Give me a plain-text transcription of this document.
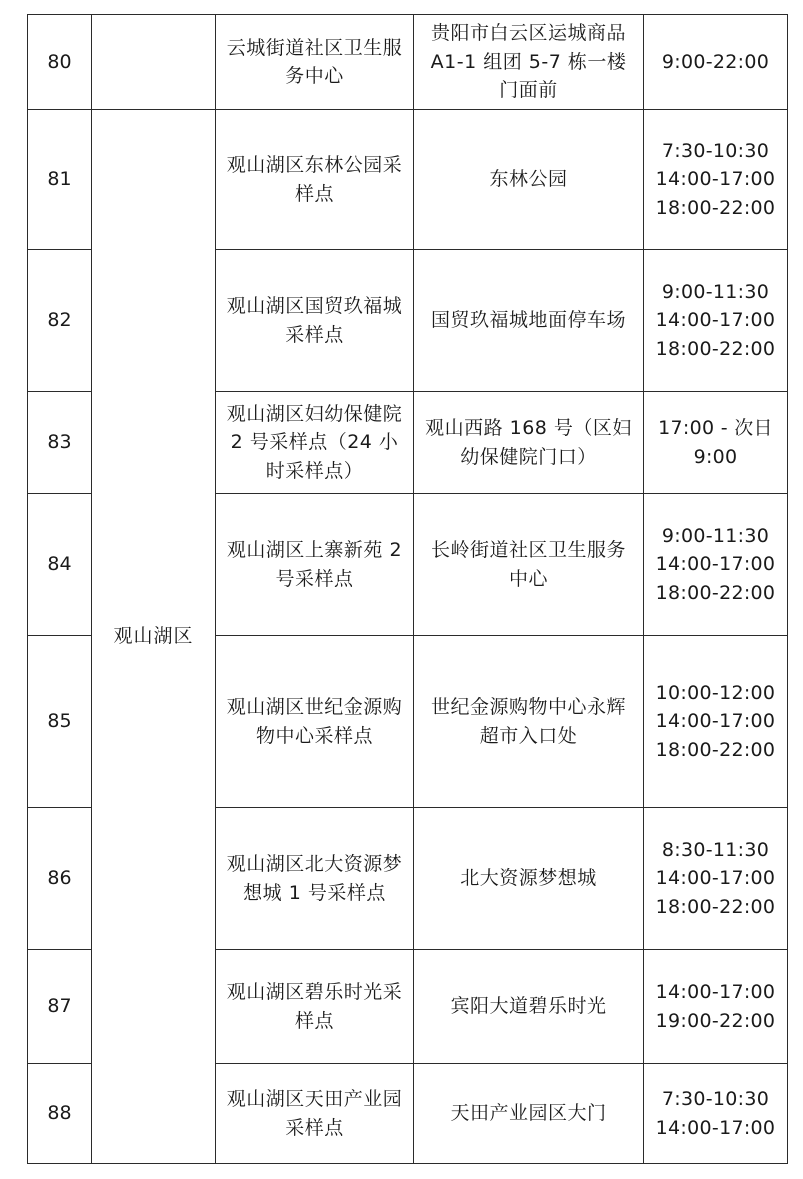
80		云城街道社区卫生服务中心	贵阳市白云区运城商品 A1-1 组团 5-7 栋一楼门面前	9:00-22:00

81	观山湖区	观山湖区东林公园采样点	东林公园	7:30-10:30
14:00-17:00
18:00-22:00

82		观山湖区国贸玖福城采样点	国贸玖福城地面停车场	9:00-11:30
14:00-17:00
18:00-22:00

83		观山湖区妇幼保健院 2 号采样点（24 小时采样点）	观山西路 168 号（区妇幼保健院门口）	17:00 - 次日 9:00

84		观山湖区上寨新苑 2 号采样点	长岭街道社区卫生服务中心	9:00-11:30
14:00-17:00
18:00-22:00

85		观山湖区世纪金源购物中心采样点	世纪金源购物中心永辉超市入口处	10:00-12:00
14:00-17:00
18:00-22:00

86		观山湖区北大资源梦想城 1 号采样点	北大资源梦想城	8:30-11:30
14:00-17:00
18:00-22:00

87		观山湖区碧乐时光采样点	宾阳大道碧乐时光	14:00-17:00
19:00-22:00

88		观山湖区天田产业园采样点	天田产业园区大门	7:30-10:30
14:00-17:00
